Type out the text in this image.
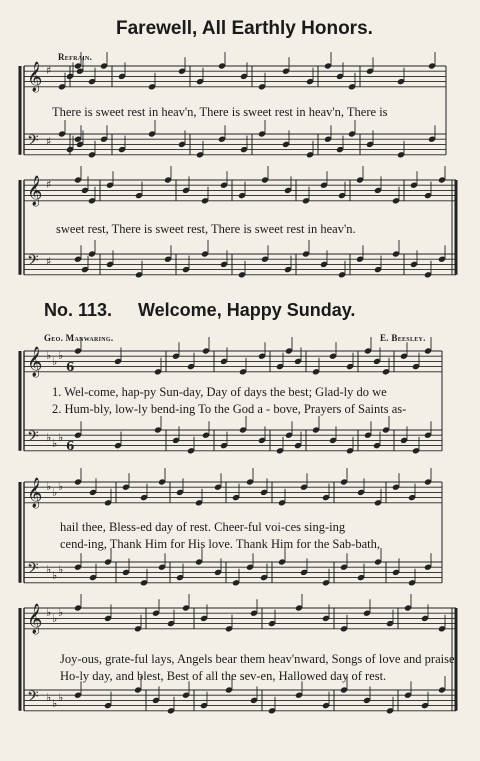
Farewell, All Earthly Honors.
Refrain.
𝄞 ♯
𝄢 ♯
There is sweet rest in heav'n, There is sweet rest in heav'n, There is
𝄞 ♯
𝄢 ♯
sweet rest, There is sweet rest, There is sweet rest in heav'n.
No. 113. Welcome, Happy Sunday.
Geo. Manwaring.	E. Beesley.
𝄞 ♭ ♭ ♭
𝄢 ♭ ♭ ♭
6
6
1. Wel-come, hap-py Sun-day, Day of days the best; Glad-ly do we
2. Hum-bly, low-ly bend-ing To the God a - bove, Prayers of Saints as-
𝄞 ♭ ♭ ♭
𝄢 ♭ ♭ ♭
hail thee, Bless-ed day of rest. Cheer-ful voi-ces sing-ing
cend-ing, Thank Him for His love. Thank Him for the Sab-bath,
𝄞 ♭ ♭ ♭
𝄢 ♭ ♭ ♭
Joy-ous, grate-ful lays, Angels bear them heav'nward, Songs of love and praise.
Ho-ly day, and blest, Best of all the sev-en, Hallowed day of rest.
